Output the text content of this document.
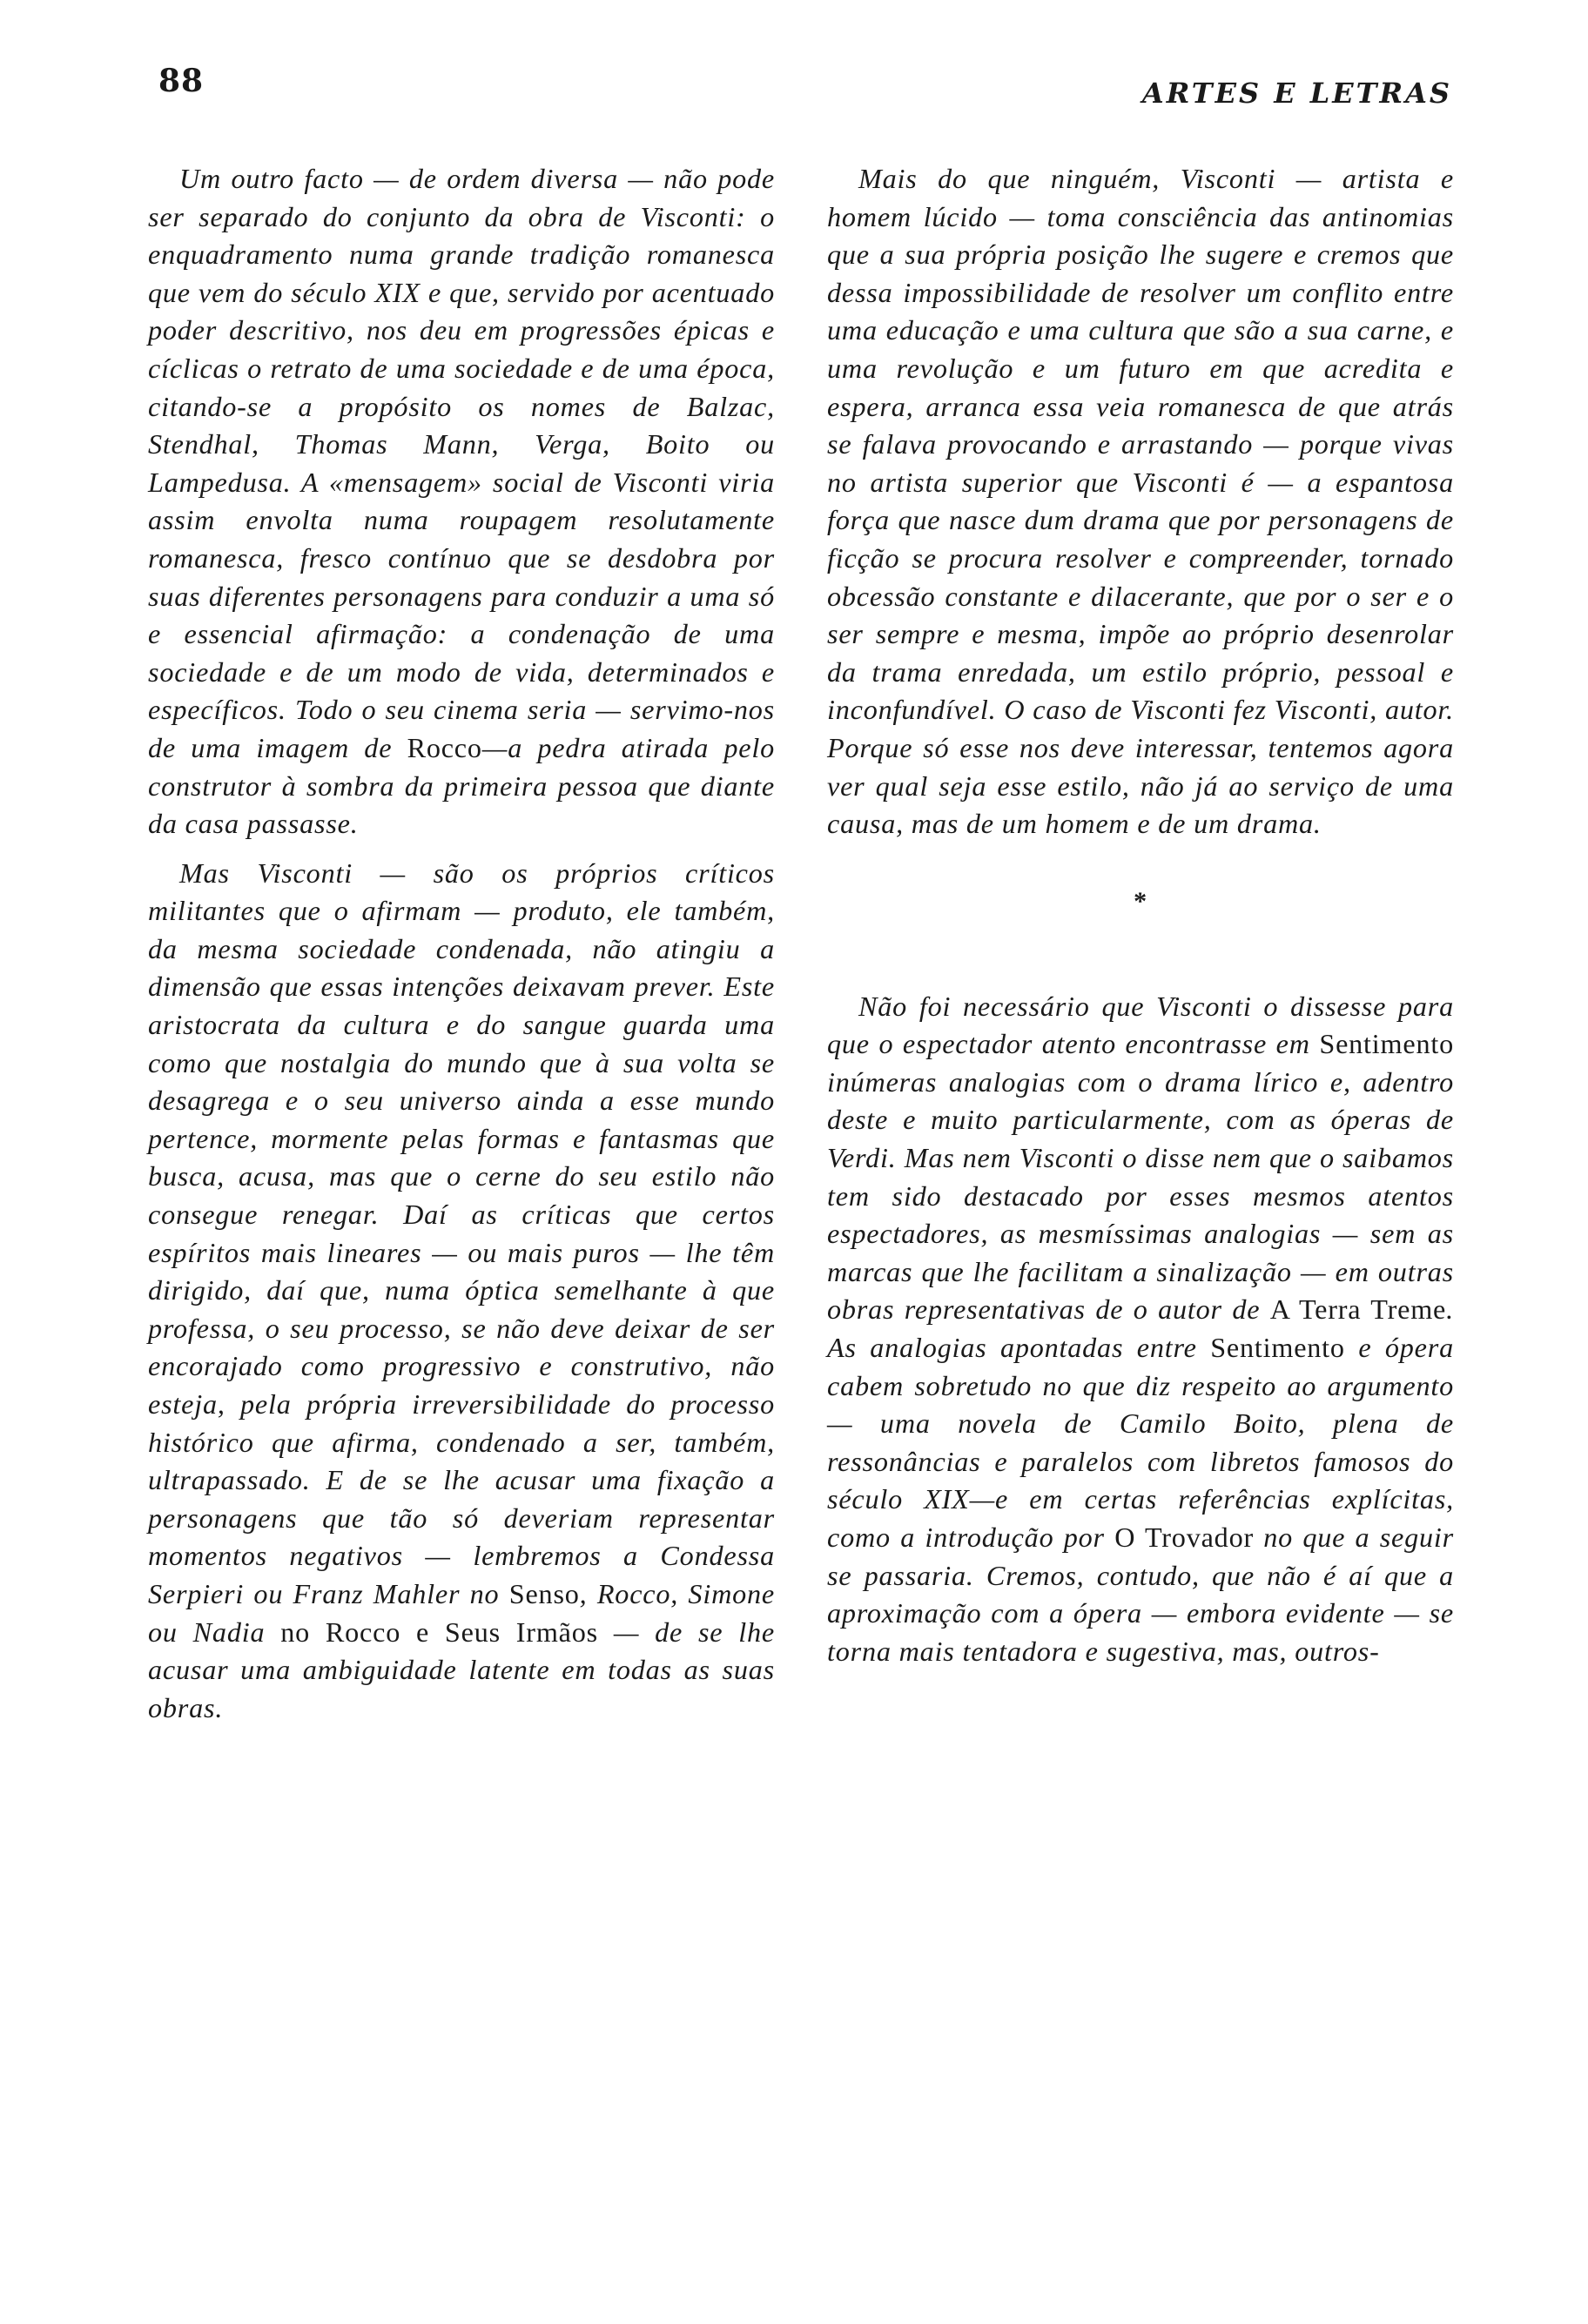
88	ARTES E LETRAS

Um outro facto — de ordem diversa — não pode ser separado do conjunto da obra de Visconti: o enquadramento numa grande tradição romanesca que vem do século XIX e que, servido por acentuado poder descritivo, nos deu em progressões épicas e cíclicas o retrato de uma sociedade e de uma época, citando-se a propósito os nomes de Balzac, Stendhal, Thomas Mann, Verga, Boito ou Lampedusa. A «mensagem» social de Visconti viria assim envolta numa roupagem resolutamente romanesca, fresco contínuo que se desdobra por suas diferentes personagens para conduzir a uma só e essencial afirmação: a condenação de uma sociedade e de um modo de vida, determinados e específicos. Todo o seu cinema seria — servimo-nos de uma imagem de Rocco—a pedra atirada pelo construtor à sombra da primeira pessoa que diante da casa passasse.

Mas Visconti — são os próprios críticos militantes que o afirmam — produto, ele também, da mesma sociedade condenada, não atingiu a dimensão que essas intenções deixavam prever. Este aristocrata da cultura e do sangue guarda uma como que nostalgia do mundo que à sua volta se desagrega e o seu universo ainda a esse mundo pertence, mormente pelas formas e fantasmas que busca, acusa, mas que o cerne do seu estilo não consegue renegar. Daí as críticas que certos espíritos mais lineares — ou mais puros — lhe têm dirigido, daí que, numa óptica semelhante à que professa, o seu processo, se não deve deixar de ser encorajado como progressivo e construtivo, não esteja, pela própria irreversibilidade do processo histórico que afirma, condenado a ser, também, ultrapassado. E de se lhe acusar uma fixação a personagens que tão só deveriam representar momentos negativos — lembremos a Condessa Serpieri ou Franz Mahler no Senso, Rocco, Simone ou Nadia no Rocco e Seus Irmãos — de se lhe acusar uma ambiguidade latente em todas as suas obras.

Mais do que ninguém, Visconti — artista e homem lúcido — toma consciência das antinomias que a sua própria posição lhe sugere e cremos que dessa impossibilidade de resolver um conflito entre uma educação e uma cultura que são a sua carne, e uma revolução e um futuro em que acredita e espera, arranca essa veia romanesca de que atrás se falava provocando e arrastando — porque vivas no artista superior que Visconti é — a espantosa força que nasce dum drama que por personagens de ficção se procura resolver e compreender, tornado obcessão constante e dilacerante, que por o ser e o ser sempre e mesma, impõe ao próprio desenrolar da trama enredada, um estilo próprio, pessoal e inconfundível. O caso de Visconti fez Visconti, autor. Porque só esse nos deve interessar, tentemos agora ver qual seja esse estilo, não já ao serviço de uma causa, mas de um homem e de um drama.

*

Não foi necessário que Visconti o dissesse para que o espectador atento encontrasse em Sentimento inúmeras analogias com o drama lírico e, adentro deste e muito particularmente, com as óperas de Verdi. Mas nem Visconti o disse nem que o saibamos tem sido destacado por esses mesmos atentos espectadores, as mesmíssimas analogias — sem as marcas que lhe facilitam a sinalização — em outras obras representativas de o autor de A Terra Treme. As analogias apontadas entre Sentimento e ópera cabem sobretudo no que diz respeito ao argumento — uma novela de Camilo Boito, plena de ressonâncias e paralelos com libretos famosos do século XIX—e em certas referências explícitas, como a introdução por O Trovador no que a seguir se passaria. Cremos, contudo, que não é aí que a aproximação com a ópera — embora evidente — se torna mais tentadora e sugestiva, mas, outros-
